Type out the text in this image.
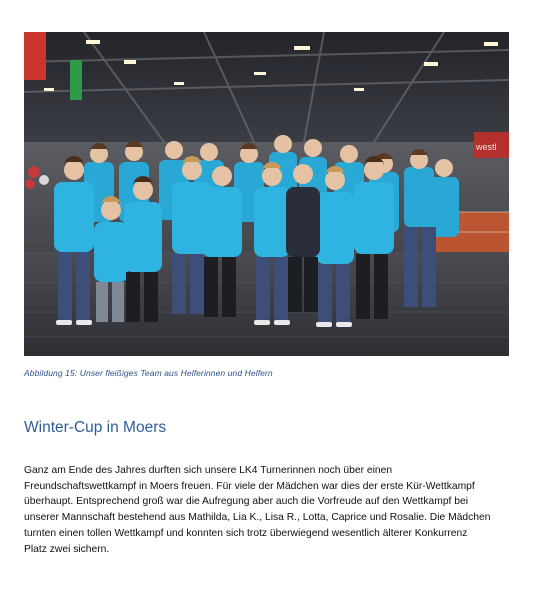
westl
Abbildung 15: Unser fleißiges Team aus Helferinnen und Helfern
Winter-Cup in Moers
Ganz am Ende des Jahres durften sich unsere LK4 Turnerinnen noch über einen
Freundschaftswettkampf in Moers freuen. Für viele der Mädchen war dies der erste Kür-Wettkampf
überhaupt. Entsprechend groß war die Aufregung aber auch die Vorfreude auf den Wettkampf bei
unserer Mannschaft bestehend aus Mathilda, Lia K., Lisa R., Lotta, Caprice und Rosalie. Die Mädchen
turnten einen tollen Wettkampf und konnten sich trotz überwiegend wesentlich älterer Konkurrenz
Platz zwei sichern.
